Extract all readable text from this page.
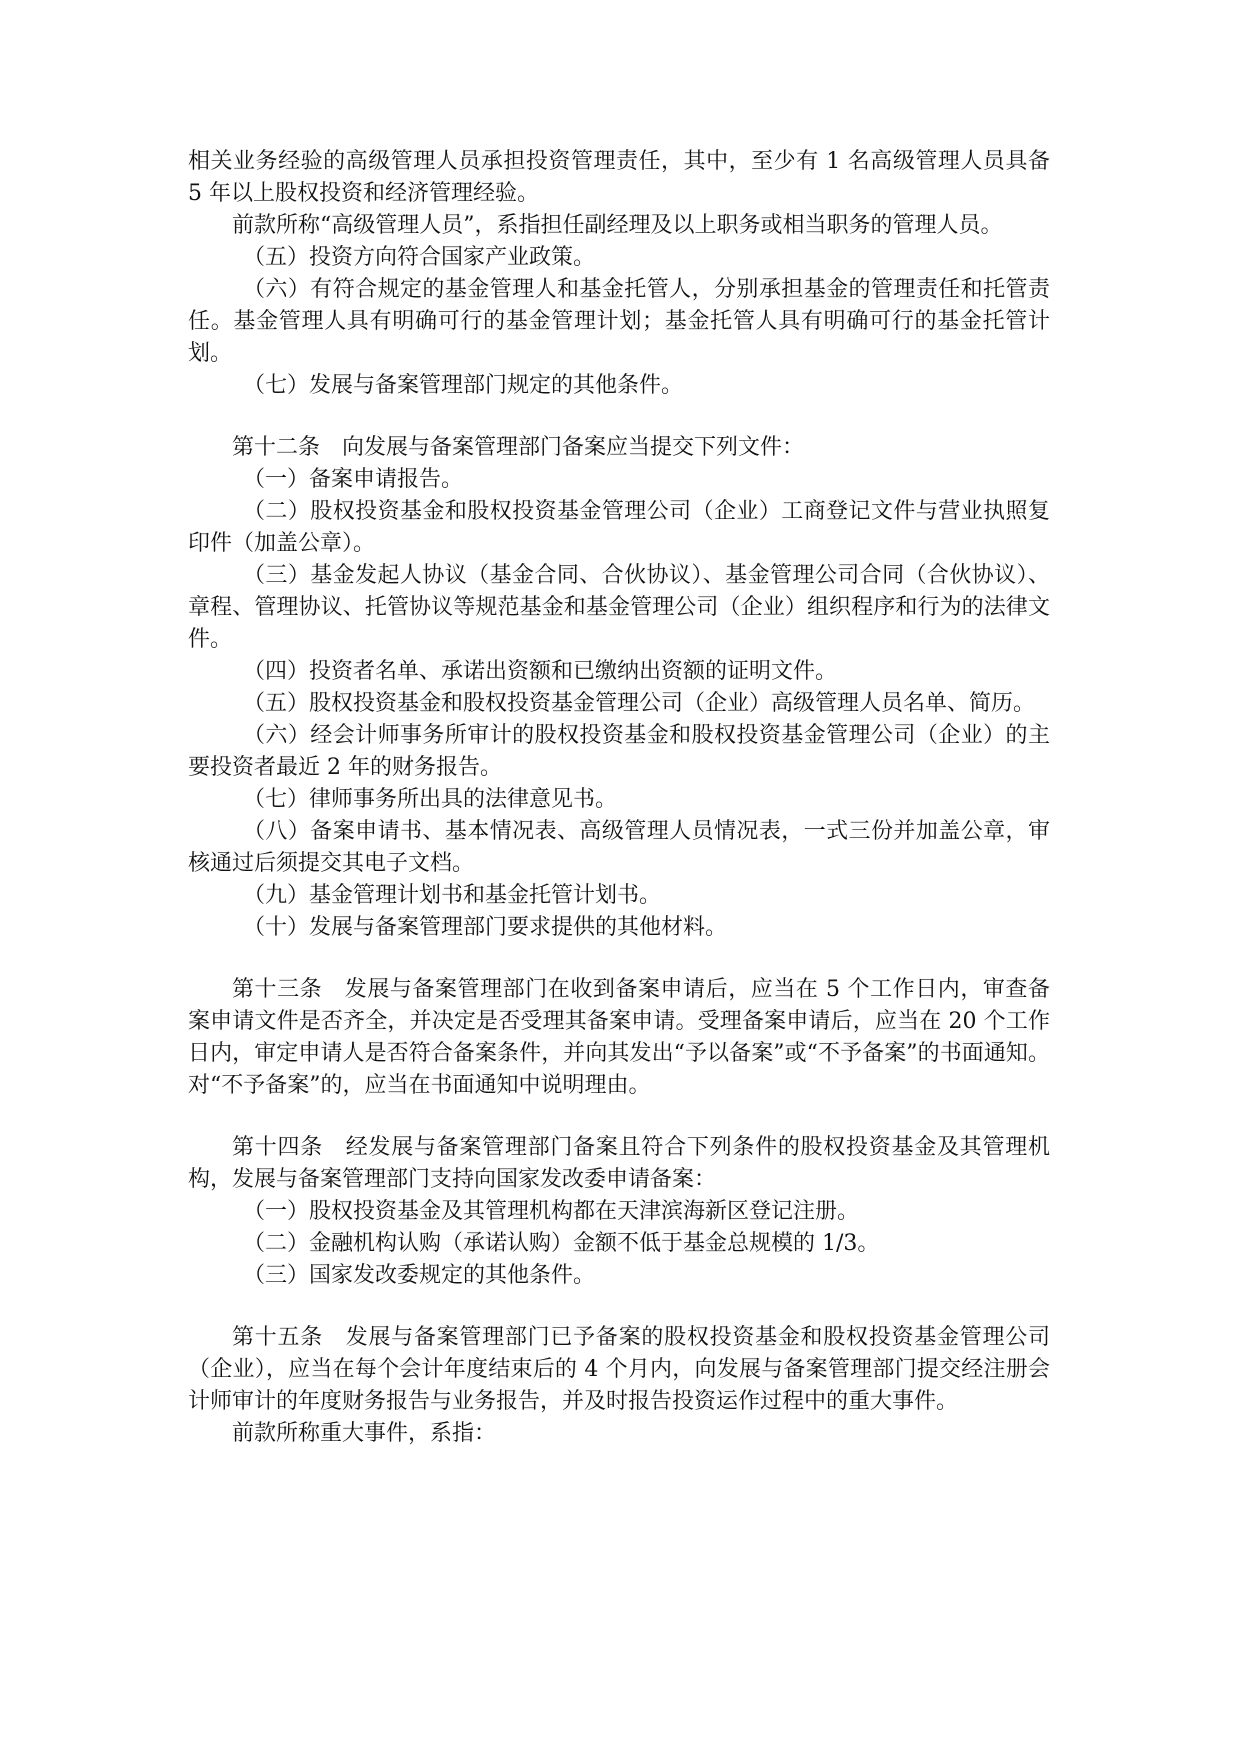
相关业务经验的高级管理人员承担投资管理责任，其中，至少有 1 名高级管理人员具备 5 年以上股权投资和经济管理经验。

前款所称“高级管理人员”，系指担任副经理及以上职务或相当职务的管理人员。

（五）投资方向符合国家产业政策。

（六）有符合规定的基金管理人和基金托管人，分别承担基金的管理责任和托管责任。基金管理人具有明确可行的基金管理计划；基金托管人具有明确可行的基金托管计划。

（七）发展与备案管理部门规定的其他条件。

第十二条　向发展与备案管理部门备案应当提交下列文件：

（一）备案申请报告。

（二）股权投资基金和股权投资基金管理公司（企业）工商登记文件与营业执照复印件（加盖公章）。

（三）基金发起人协议（基金合同、合伙协议）、基金管理公司合同（合伙协议）、章程、管理协议、托管协议等规范基金和基金管理公司（企业）组织程序和行为的法律文件。

（四）投资者名单、承诺出资额和已缴纳出资额的证明文件。

（五）股权投资基金和股权投资基金管理公司（企业）高级管理人员名单、简历。

（六）经会计师事务所审计的股权投资基金和股权投资基金管理公司（企业）的主要投资者最近 2 年的财务报告。

（七）律师事务所出具的法律意见书。

（八）备案申请书、基本情况表、高级管理人员情况表，一式三份并加盖公章，审核通过后须提交其电子文档。

（九）基金管理计划书和基金托管计划书。

（十）发展与备案管理部门要求提供的其他材料。

第十三条　发展与备案管理部门在收到备案申请后，应当在 5 个工作日内，审查备案申请文件是否齐全，并决定是否受理其备案申请。受理备案申请后，应当在 20 个工作日内，审定申请人是否符合备案条件，并向其发出“予以备案”或“不予备案”的书面通知。对“不予备案”的，应当在书面通知中说明理由。

第十四条　经发展与备案管理部门备案且符合下列条件的股权投资基金及其管理机构，发展与备案管理部门支持向国家发改委申请备案：

（一）股权投资基金及其管理机构都在天津滨海新区登记注册。

（二）金融机构认购（承诺认购）金额不低于基金总规模的 1/3。

（三）国家发改委规定的其他条件。

第十五条　发展与备案管理部门已予备案的股权投资基金和股权投资基金管理公司（企业），应当在每个会计年度结束后的 4 个月内，向发展与备案管理部门提交经注册会计师审计的年度财务报告与业务报告，并及时报告投资运作过程中的重大事件。

前款所称重大事件，系指：
